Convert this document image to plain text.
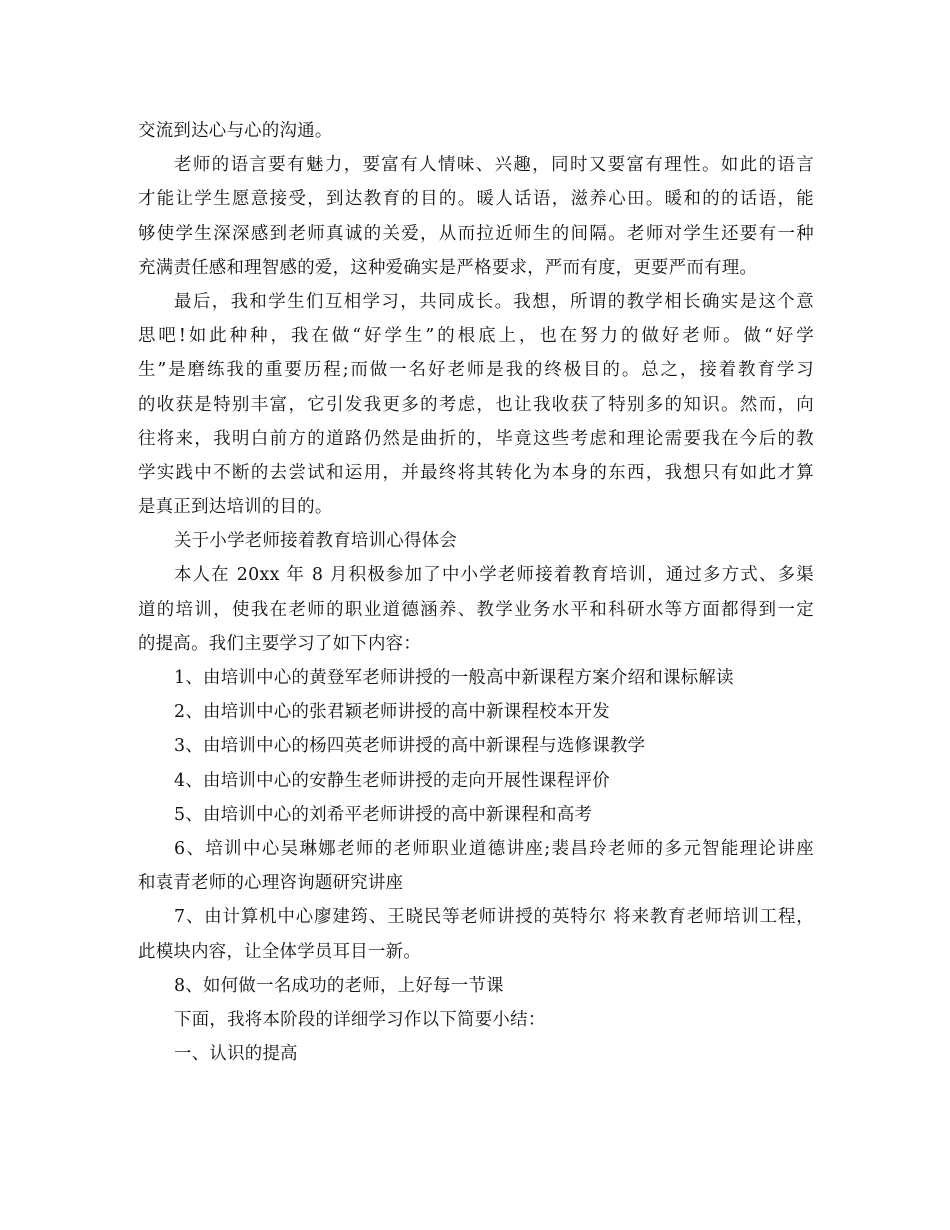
交流到达心与心的沟通。
老师的语言要有魅力，要富有人情味、兴趣，同时又要富有理性。如此的语言
才能让学生愿意接受，到达教育的目的。暖人话语，滋养心田。暖和的的话语，能
够使学生深深感到老师真诚的关爱，从而拉近师生的间隔。老师对学生还要有一种
充满责任感和理智感的爱，这种爱确实是严格要求，严而有度，更要严而有理。
最后，我和学生们互相学习，共同成长。我想，所谓的教学相长确实是这个意
思吧!如此种种，我在做“好学生”的根底上，也在努力的做好老师。做“好学
生”是磨练我的重要历程;而做一名好老师是我的终极目的。总之，接着教育学习
的收获是特别丰富，它引发我更多的考虑，也让我收获了特别多的知识。然而，向
往将来，我明白前方的道路仍然是曲折的，毕竟这些考虑和理论需要我在今后的教
学实践中不断的去尝试和运用，并最终将其转化为本身的东西，我想只有如此才算
是真正到达培训的目的。
关于小学老师接着教育培训心得体会
本人在 20xx 年 8 月积极参加了中小学老师接着教育培训，通过多方式、多渠
道的培训，使我在老师的职业道德涵养、教学业务水平和科研水等方面都得到一定
的提高。我们主要学习了如下内容：
1、由培训中心的黄登军老师讲授的一般高中新课程方案介绍和课标解读
2、由培训中心的张君颖老师讲授的高中新课程校本开发
3、由培训中心的杨四英老师讲授的高中新课程与选修课教学
4、由培训中心的安静生老师讲授的走向开展性课程评价
5、由培训中心的刘希平老师讲授的高中新课程和高考
6、培训中心吴琳娜老师的老师职业道德讲座;裴昌玲老师的多元智能理论讲座
和袁青老师的心理咨询题研究讲座
7、由计算机中心廖建筠、王晓民等老师讲授的英特尔 将来教育老师培训工程，
此模块内容，让全体学员耳目一新。
8、如何做一名成功的老师，上好每一节课
下面，我将本阶段的详细学习作以下简要小结：
一、认识的提高
